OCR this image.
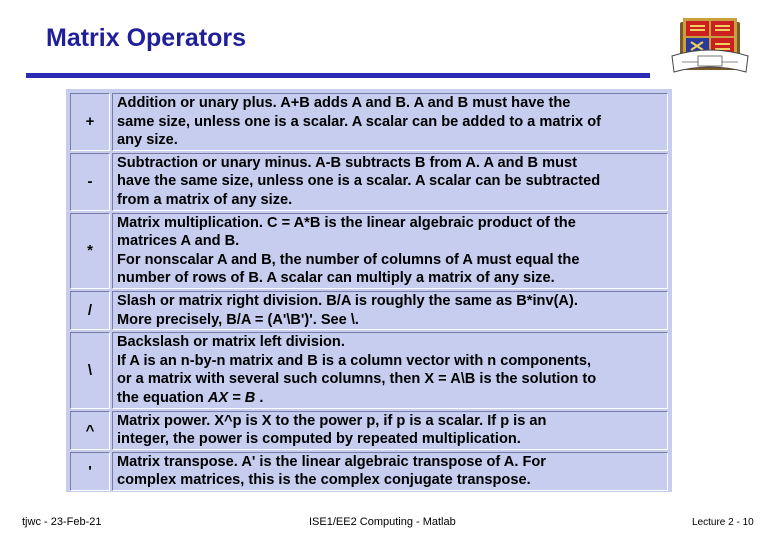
Matrix Operators
+	Addition or unary plus. A+B adds A and B. A and B must have the
same size, unless one is a scalar. A scalar can be added to a matrix of
any size.

-	Subtraction or unary minus. A-B subtracts B from A. A and B must
have the same size, unless one is a scalar. A scalar can be subtracted
from a matrix of any size.

*	Matrix multiplication. C = A*B is the linear algebraic product of the
matrices A and B.
For nonscalar A and B, the number of columns of A must equal the
number of rows of B. A scalar can multiply a matrix of any size.

/	Slash or matrix right division. B/A is roughly the same as B*inv(A).
More precisely, B/A = (A'\B')'. See \.

\	Backslash or matrix left division.
If A is an n-by-n matrix and B is a column vector with n components,
or a matrix with several such columns, then X = A\B is the solution to
the equation AX = B .

^	Matrix power. X^p is X to the power p, if p is a scalar. If p is an
integer, the power is computed by repeated multiplication.

'	Matrix transpose. A' is the linear algebraic transpose of A. For
complex matrices, this is the complex conjugate transpose.
tjwc - 23-Feb-21	ISE1/EE2 Computing - Matlab	Lecture 2 - 10
